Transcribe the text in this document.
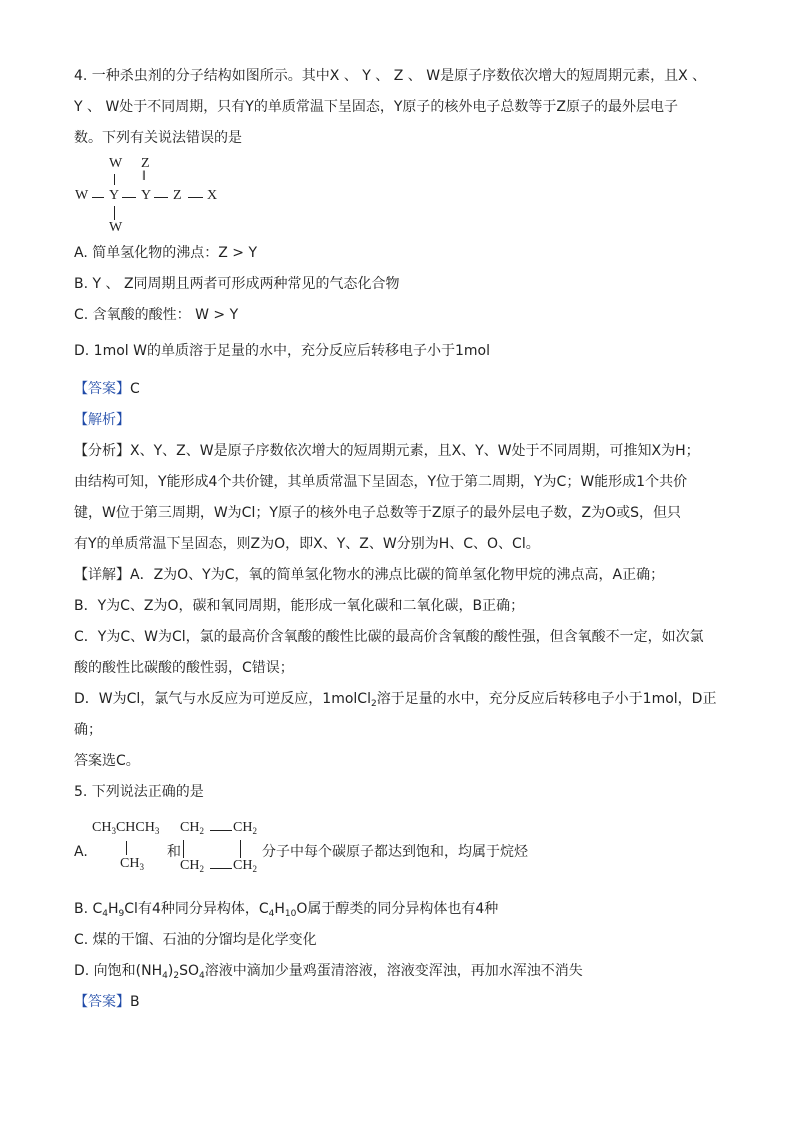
4. 一种杀虫剂的分子结构如图所示。其中X 、 Y 、 Z 、 W是原子序数依次增大的短周期元素，且X 、
Y 、 W处于不同周期，只有Y的单质常温下呈固态，Y原子的核外电子总数等于Z原子的最外层电子
数。下列有关说法错误的是
W Z
‖
W Y Y Z X
W
A. 简单氢化物的沸点：Z > Y
B. Y 、 Z同周期且两者可形成两种常见的气态化合物
C. 含氧酸的酸性： W > Y
D. 1mol W的单质溶于足量的水中，充分反应后转移电子小于1mol
【答案】C
【解析】
【分析】X、Y、Z、W是原子序数依次增大的短周期元素，且X、Y、W处于不同周期，可推知X为H；
由结构可知，Y能形成4个共价键，其单质常温下呈固态，Y位于第二周期，Y为C；W能形成1个共价
键，W位于第三周期，W为Cl；Y原子的核外电子总数等于Z原子的最外层电子数，Z为O或S，但只
有Y的单质常温下呈固态，则Z为O，即X、Y、Z、W分别为H、C、O、Cl。
【详解】A．Z为O、Y为C，氧的简单氢化物水的沸点比碳的简单氢化物甲烷的沸点高，A正确；
B．Y为C、Z为O，碳和氧同周期，能形成一氧化碳和二氧化碳，B正确；
C．Y为C、W为Cl，氯的最高价含氧酸的酸性比碳的最高价含氧酸的酸性强，但含氧酸不一定，如次氯
酸的酸性比碳酸的酸性弱，C错误；
D．W为Cl，氯气与水反应为可逆反应，1molCl$_2$溶于足量的水中，充分反应后转移电子小于1mol，D正
确；
答案选C。
5. 下列说法正确的是
A.
$CH_3CHCH_3$
$CH_3$
和
$CH_2$ $CH_2$
$CH_2$ $CH_2$
分子中每个碳原子都达到饱和，均属于烷烃
B. $C_4H_9Cl$有4种同分异构体，$C_4H_{10}O$属于醇类的同分异构体也有4种
C. 煤的干馏、石油的分馏均是化学变化
D. 向饱和$(NH_4)_2SO_4$溶液中滴加少量鸡蛋清溶液，溶液变浑浊，再加水浑浊不消失
【答案】B
